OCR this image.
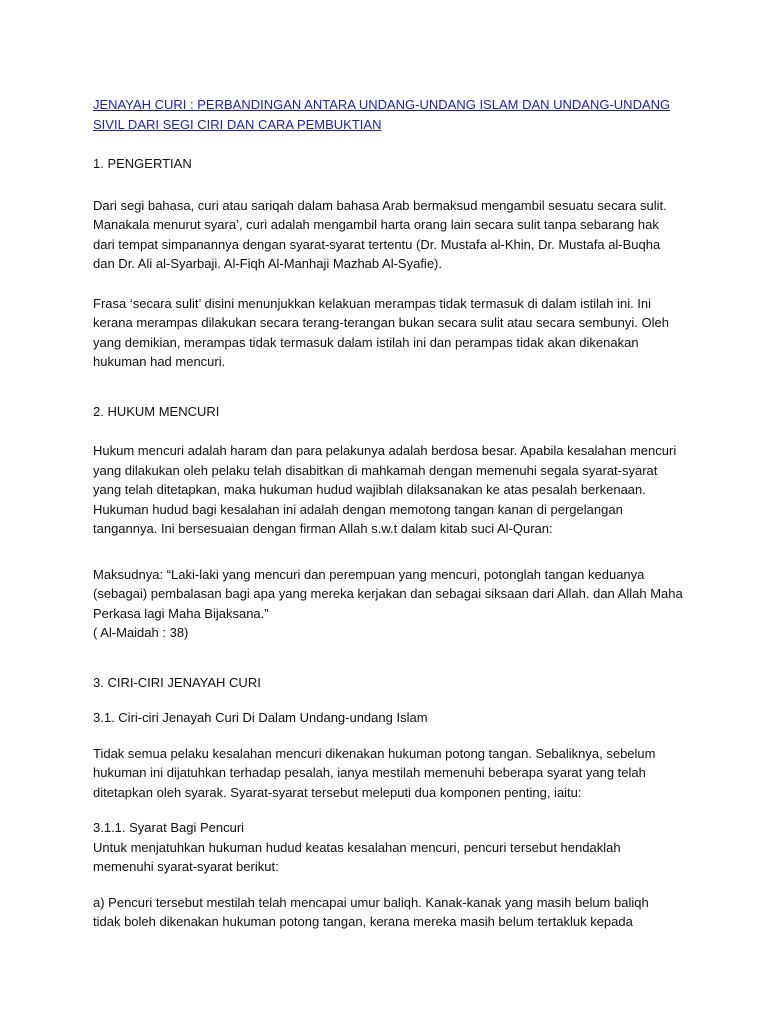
JENAYAH CURI : PERBANDINGAN ANTARA UNDANG-UNDANG ISLAM DAN UNDANG-UNDANG
SIVIL DARI SEGI CIRI DAN CARA PEMBUKTIAN

1. PENGERTIAN

Dari segi bahasa, curi atau sariqah dalam bahasa Arab bermaksud mengambil sesuatu secara sulit.
Manakala menurut syara’, curi adalah mengambil harta orang lain secara sulit tanpa sebarang hak
dari tempat simpanannya dengan syarat-syarat tertentu (Dr. Mustafa al-Khin, Dr. Mustafa al-Buqha
dan Dr. Ali al-Syarbaji. Al-Fiqh Al-Manhaji Mazhab Al-Syafie).

Frasa ‘secara sulit’ disini menunjukkan kelakuan merampas tidak termasuk di dalam istilah ini. Ini
kerana merampas dilakukan secara terang-terangan bukan secara sulit atau secara sembunyi. Oleh
yang demikian, merampas tidak termasuk dalam istilah ini dan perampas tidak akan dikenakan
hukuman had mencuri.

2. HUKUM MENCURI

Hukum mencuri adalah haram dan para pelakunya adalah berdosa besar. Apabila kesalahan mencuri
yang dilakukan oleh pelaku telah disabitkan di mahkamah dengan memenuhi segala syarat-syarat
yang telah ditetapkan, maka hukuman hudud wajiblah dilaksanakan ke atas pesalah berkenaan.
Hukuman hudud bagi kesalahan ini adalah dengan memotong tangan kanan di pergelangan
tangannya. Ini bersesuaian dengan firman Allah s.w.t dalam kitab suci Al-Quran:

Maksudnya: “Laki-laki yang mencuri dan perempuan yang mencuri, potonglah tangan keduanya
(sebagai) pembalasan bagi apa yang mereka kerjakan dan sebagai siksaan dari Allah. dan Allah Maha
Perkasa lagi Maha Bijaksana.”
( Al-Maidah : 38)

3. CIRI-CIRI JENAYAH CURI

3.1. Ciri-ciri Jenayah Curi Di Dalam Undang-undang Islam

Tidak semua pelaku kesalahan mencuri dikenakan hukuman potong tangan. Sebaliknya, sebelum
hukuman ini dijatuhkan terhadap pesalah, ianya mestilah memenuhi beberapa syarat yang telah
ditetapkan oleh syarak. Syarat-syarat tersebut meleputi dua komponen penting, iaitu:

3.1.1. Syarat Bagi Pencuri

Untuk menjatuhkan hukuman hudud keatas kesalahan mencuri, pencuri tersebut hendaklah
memenuhi syarat-syarat berikut:

a) Pencuri tersebut mestilah telah mencapai umur baliqh. Kanak-kanak yang masih belum baliqh
tidak boleh dikenakan hukuman potong tangan, kerana mereka masih belum tertakluk kepada
